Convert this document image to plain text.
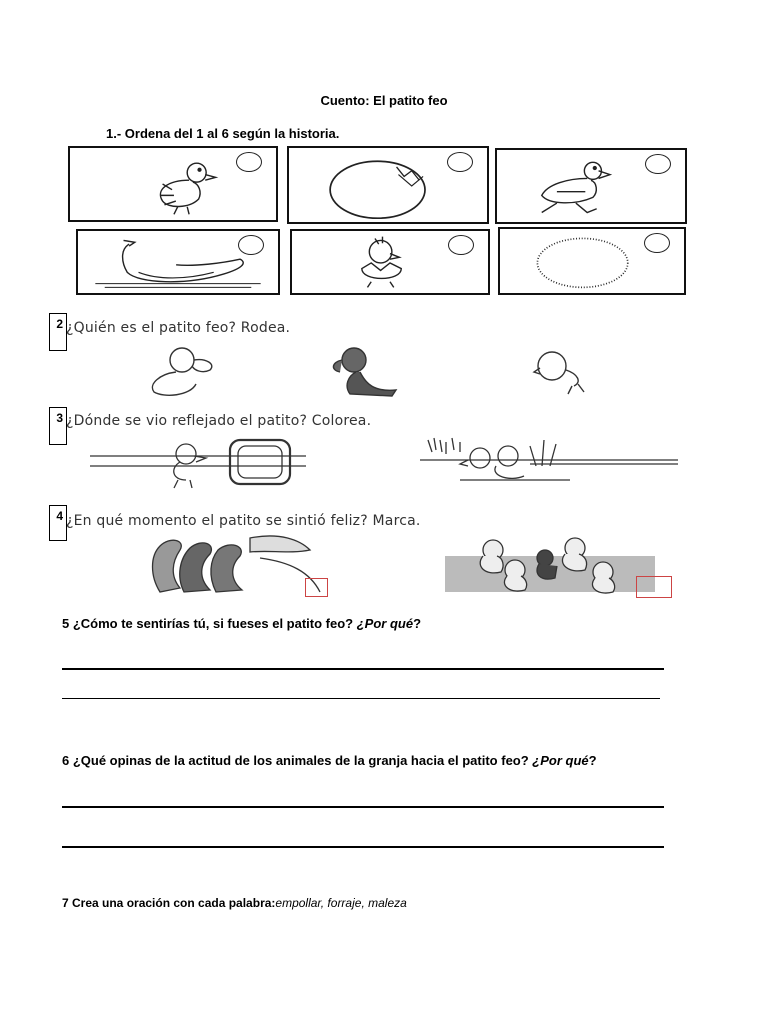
Cuento: El patito feo
1.- Ordena del 1 al 6 según la historia.
2 ¿Quién es el patito feo? Rodea.
3 ¿Dónde se vio reflejado el patito? Colorea.
4 ¿En qué momento el patito se sintió feliz? Marca.
5 ¿Cómo te sentirías tú, si fueses el patito feo? ¿Por qué?
6 ¿Qué opinas de la actitud de los animales de la granja hacia el patito feo? ¿Por qué?
7 Crea una oración con cada palabra:empollar, forraje, maleza
